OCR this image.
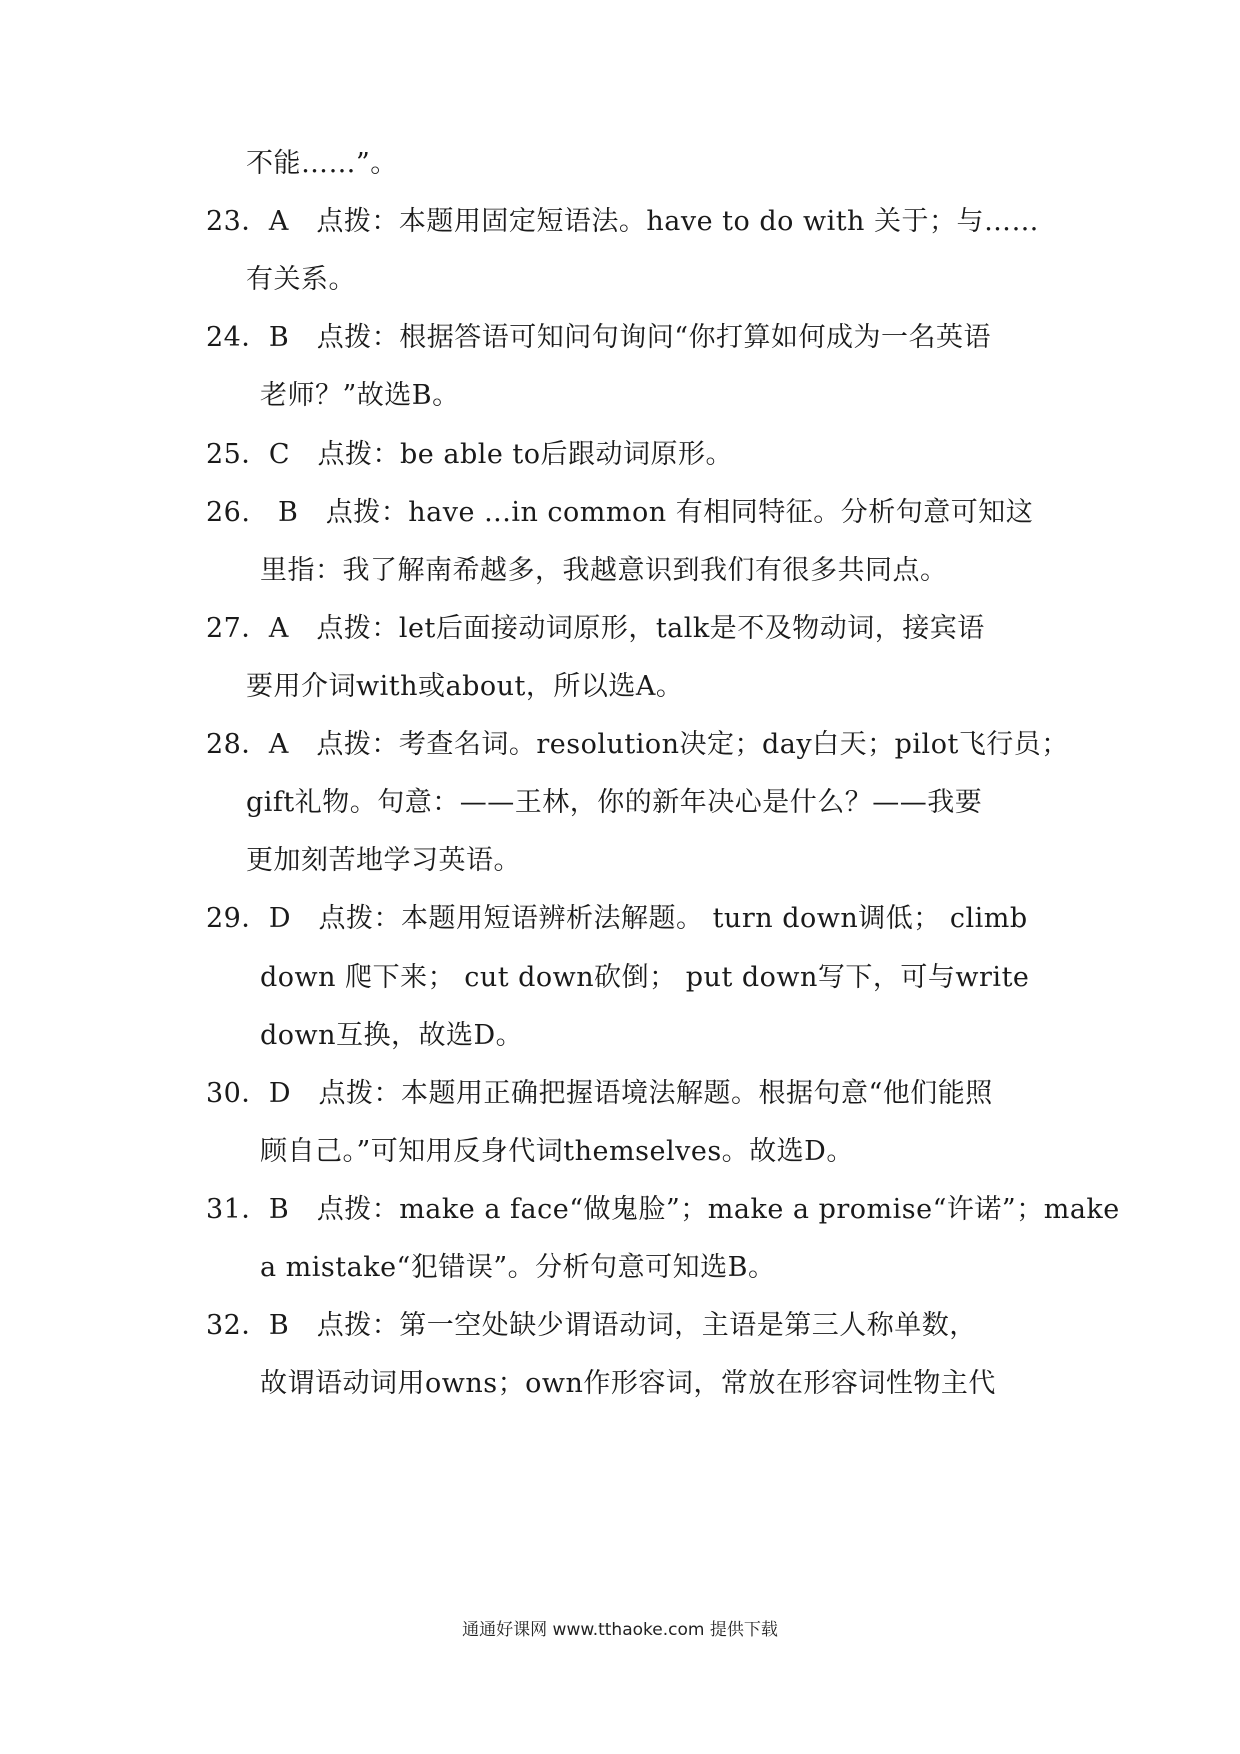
不能……”。
23．A　点拨：本题用固定短语法。have to do with 关于；与……
有关系。
24．B　点拨：根据答语可知问句询问“你打算如何成为一名英语
老师？”故选B。
25．C　点拨：be able to后跟动词原形。
26.　B　点拨：have ...in common 有相同特征。分析句意可知这
里指：我了解南希越多，我越意识到我们有很多共同点。
27．A　点拨：let后面接动词原形，talk是不及物动词，接宾语
要用介词with或about，所以选A。
28．A　点拨：考查名词。resolution决定；day白天；pilot飞行员；
gift礼物。句意：——王林，你的新年决心是什么？——我要
更加刻苦地学习英语。
29．D　点拨：本题用短语辨析法解题。 turn down调低； climb
down 爬下来； cut down砍倒； put down写下，可与write
down互换，故选D。
30．D　点拨：本题用正确把握语境法解题。根据句意“他们能照
顾自己。”可知用反身代词themselves。故选D。
31．B　点拨：make a face“做鬼脸”；make a promise“许诺”；make
a mistake“犯错误”。分析句意可知选B。
32．B　点拨：第一空处缺少谓语动词，主语是第三人称单数，
故谓语动词用owns；own作形容词，常放在形容词性物主代
通通好课网 www.tthaoke.com 提供下载
